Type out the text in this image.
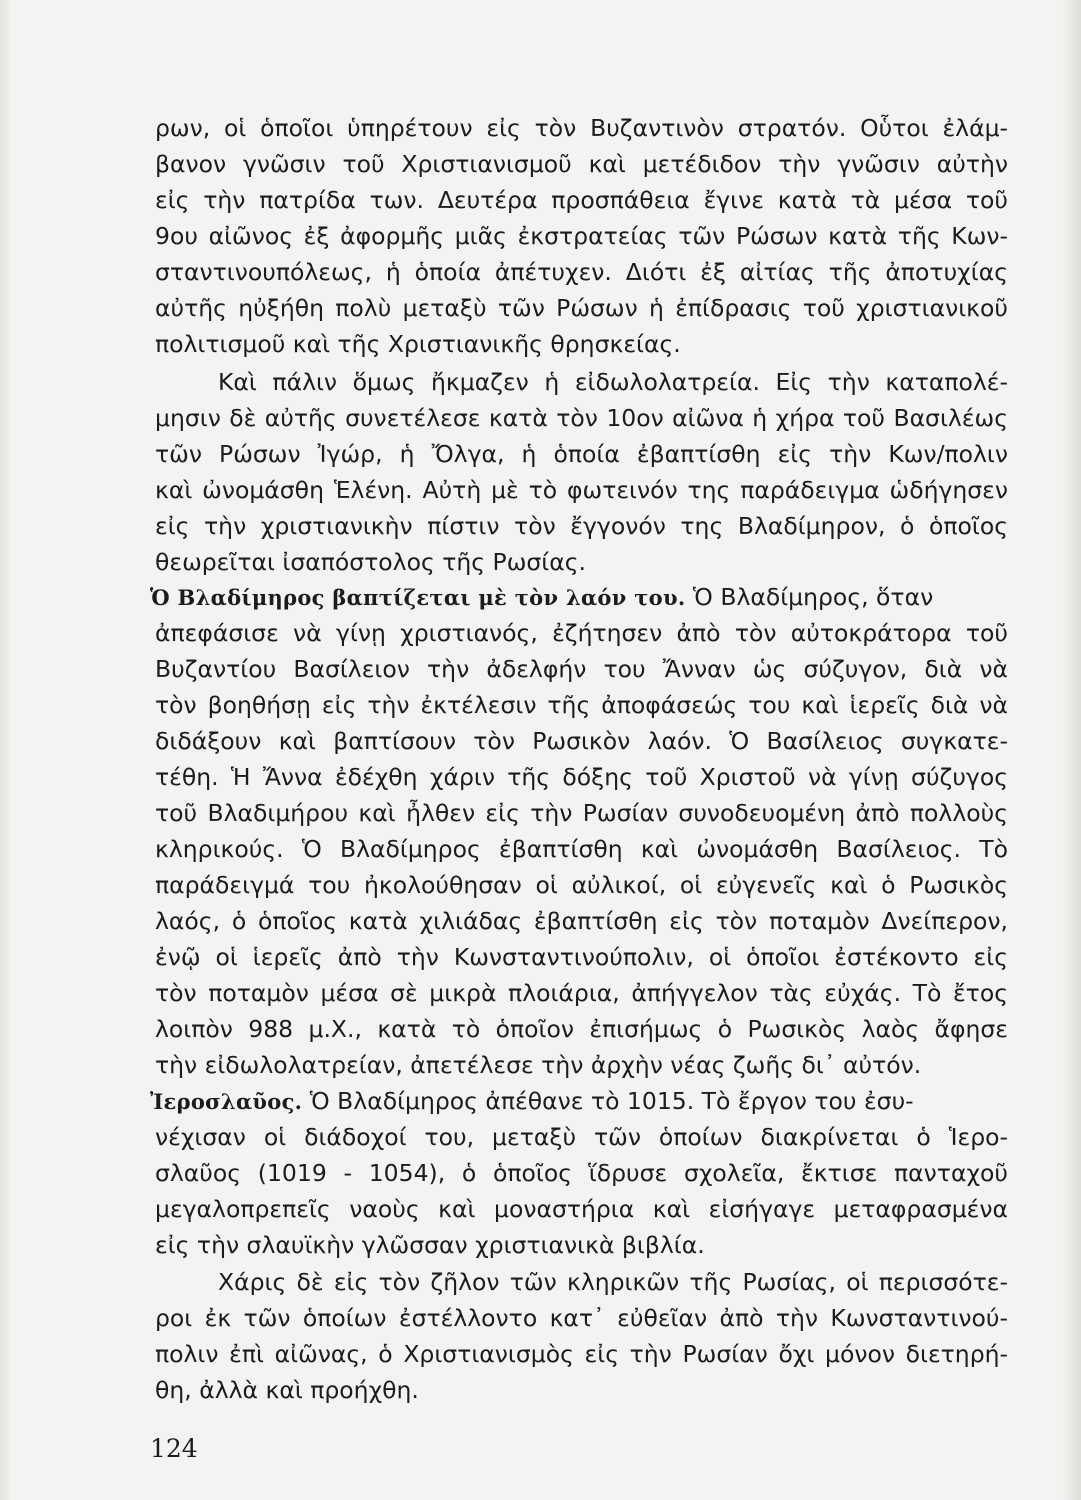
ρων, οἱ ὁποῖοι ὑπηρέτουν εἰς τὸν Βυζαντινὸν στρατόν. Οὗτοι ἐλάμ-
βανον γνῶσιν τοῦ Χριστιανισμοῦ καὶ μετέδιδον τὴν γνῶσιν αὐτὴν
εἰς τὴν πατρίδα των. Δευτέρα προσπάθεια ἔγινε κατὰ τὰ μέσα τοῦ
9ου αἰῶνος ἐξ ἀφορμῆς μιᾶς ἐκστρατείας τῶν Ρώσων κατὰ τῆς Κων-
σταντινουπόλεως, ἡ ὁποία ἀπέτυχεν. Διότι ἐξ αἰτίας τῆς ἀποτυχίας
αὐτῆς ηὐξήθη πολὺ μεταξὺ τῶν Ρώσων ἡ ἐπίδρασις τοῦ χριστιανικοῦ
πολιτισμοῦ καὶ τῆς Χριστιανικῆς θρησκείας.
Καὶ πάλιν ὅμως ἤκμαζεν ἡ εἰδωλολατρεία. Εἰς τὴν καταπολέ-
μησιν δὲ αὐτῆς συνετέλεσε κατὰ τὸν 10ον αἰῶνα ἡ χήρα τοῦ Βασιλέως
τῶν Ρώσων Ἰγώρ, ἡ Ὄλγα, ἡ ὁποία ἐβαπτίσθη εἰς τὴν Κων/πολιν
καὶ ὠνομάσθη Ἑλένη. Αὐτὴ μὲ τὸ φωτεινόν της παράδειγμα ὡδήγησεν
εἰς τὴν χριστιανικὴν πίστιν τὸν ἔγγονόν της Βλαδίμηρον, ὁ ὁποῖος
θεωρεῖται ἰσαπόστολος τῆς Ρωσίας.
Ὁ Βλαδίμηρος βαπτίζεται μὲ τὸν λαόν του. Ὁ Βλαδίμηρος, ὅταν
ἀπεφάσισε νὰ γίνῃ χριστιανός, ἐζήτησεν ἀπὸ τὸν αὐτοκράτορα τοῦ
Βυζαντίου Βασίλειον τὴν ἀδελφήν του Ἄνναν ὡς σύζυγον, διὰ νὰ
τὸν βοηθήσῃ εἰς τὴν ἐκτέλεσιν τῆς ἀποφάσεώς του καὶ ἱερεῖς διὰ νὰ
διδάξουν καὶ βαπτίσουν τὸν Ρωσικὸν λαόν. Ὁ Βασίλειος συγκατε-
τέθη. Ἡ Ἄννα ἐδέχθη χάριν τῆς δόξης τοῦ Χριστοῦ νὰ γίνῃ σύζυγος
τοῦ Βλαδιμήρου καὶ ἦλθεν εἰς τὴν Ρωσίαν συνοδευομένη ἀπὸ πολλοὺς
κληρικούς. Ὁ Βλαδίμηρος ἐβαπτίσθη καὶ ὠνομάσθη Βασίλειος. Τὸ
παράδειγμά του ἠκολούθησαν οἱ αὐλικοί, οἱ εὐγενεῖς καὶ ὁ Ρωσικὸς
λαός, ὁ ὁποῖος κατὰ χιλιάδας ἐβαπτίσθη εἰς τὸν ποταμὸν Δνείπερον,
ἐνῷ οἱ ἱερεῖς ἀπὸ τὴν Κωνσταντινούπολιν, οἱ ὁποῖοι ἐστέκοντο εἰς
τὸν ποταμὸν μέσα σὲ μικρὰ πλοιάρια, ἀπήγγελον τὰς εὐχάς. Τὸ ἔτος
λοιπὸν 988 μ.Χ., κατὰ τὸ ὁποῖον ἐπισήμως ὁ Ρωσικὸς λαὸς ἄφησε
τὴν εἰδωλολατρείαν, ἀπετέλεσε τὴν ἀρχὴν νέας ζωῆς δι᾽ αὐτόν.
Ἰεροσλαῦος. Ὁ Βλαδίμηρος ἀπέθανε τὸ 1015. Τὸ ἔργον του ἐσυ-
νέχισαν οἱ διάδοχοί του, μεταξὺ τῶν ὁποίων διακρίνεται ὁ Ἱερο-
σλαῦος (1019 - 1054), ὁ ὁποῖος ἵδρυσε σχολεῖα, ἔκτισε πανταχοῦ
μεγαλοπρεπεῖς ναοὺς καὶ μοναστήρια καὶ εἰσήγαγε μεταφρασμένα
εἰς τὴν σλαυϊκὴν γλῶσσαν χριστιανικὰ βιβλία.
Χάρις δὲ εἰς τὸν ζῆλον τῶν κληρικῶν τῆς Ρωσίας, οἱ περισσότε-
ροι ἐκ τῶν ὁποίων ἐστέλλοντο κατ᾽ εὐθεῖαν ἀπὸ τὴν Κωνσταντινού-
πολιν ἐπὶ αἰῶνας, ὁ Χριστιανισμὸς εἰς τὴν Ρωσίαν ὄχι μόνον διετηρή-
θη, ἀλλὰ καὶ προήχθη.
124
